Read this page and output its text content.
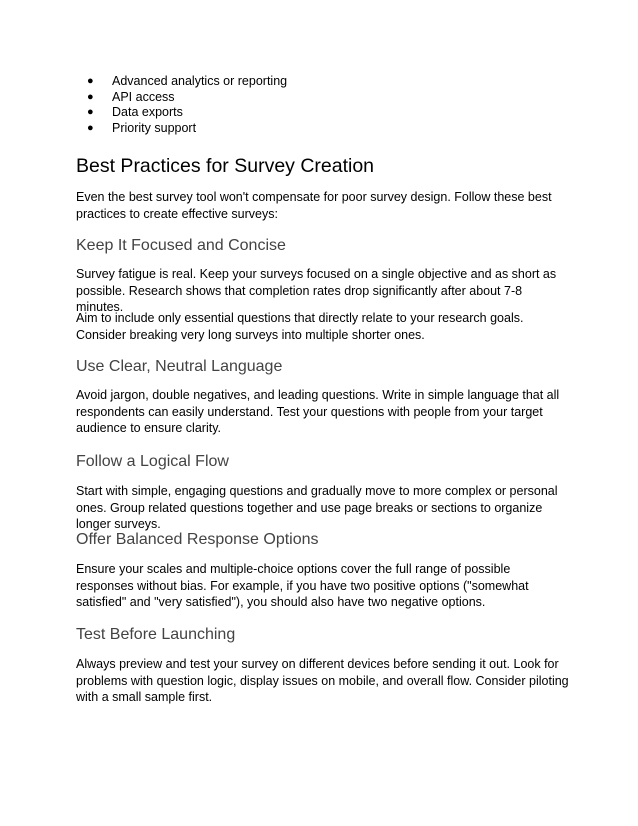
● Advanced analytics or reporting
● API access
● Data exports
● Priority support
Best Practices for Survey Creation

Even the best survey tool won't compensate for poor survey design. Follow these best practices to create effective surveys:

Keep It Focused and Concise

Survey fatigue is real. Keep your surveys focused on a single objective and as short as possible. Research shows that completion rates drop significantly after about 7-8 minutes.

Aim to include only essential questions that directly relate to your research goals. Consider breaking very long surveys into multiple shorter ones.

Use Clear, Neutral Language

Avoid jargon, double negatives, and leading questions. Write in simple language that all respondents can easily understand. Test your questions with people from your target audience to ensure clarity.

Follow a Logical Flow

Start with simple, engaging questions and gradually move to more complex or personal ones. Group related questions together and use page breaks or sections to organize longer surveys.

Offer Balanced Response Options

Ensure your scales and multiple-choice options cover the full range of possible responses without bias. For example, if you have two positive options ("somewhat satisfied" and "very satisfied"), you should also have two negative options.

Test Before Launching

Always preview and test your survey on different devices before sending it out. Look for problems with question logic, display issues on mobile, and overall flow. Consider piloting with a small sample first.
